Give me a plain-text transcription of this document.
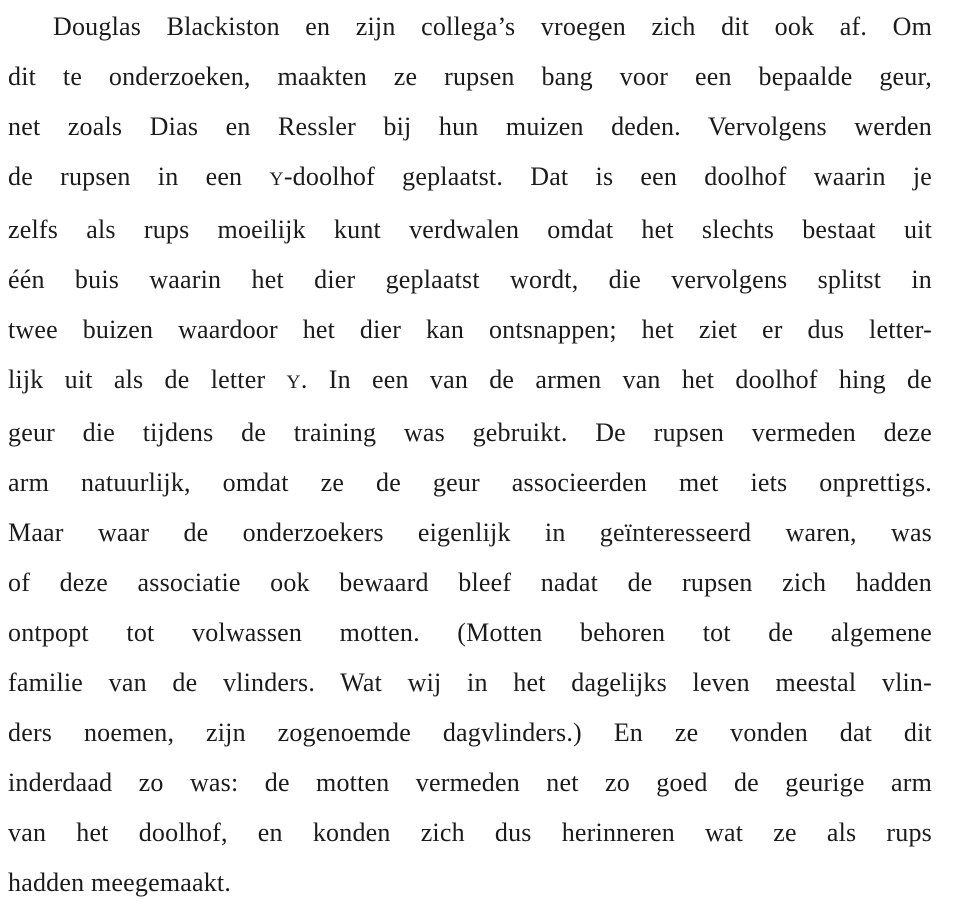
Douglas Blackiston en zijn collega’s vroegen zich dit ook af. Om
dit te onderzoeken, maakten ze rupsen bang voor een bepaalde geur,
net zoals Dias en Ressler bij hun muizen deden. Vervolgens werden
de rupsen in een Y-doolhof geplaatst. Dat is een doolhof waarin je
zelfs als rups moeilijk kunt verdwalen omdat het slechts bestaat uit
één buis waarin het dier geplaatst wordt, die vervolgens splitst in
twee buizen waardoor het dier kan ontsnappen; het ziet er dus letter-
lijk uit als de letter Y. In een van de armen van het doolhof hing de
geur die tijdens de training was gebruikt. De rupsen vermeden deze
arm natuurlijk, omdat ze de geur associeerden met iets onprettigs.
Maar waar de onderzoekers eigenlijk in geïnteresseerd waren, was
of deze associatie ook bewaard bleef nadat de rupsen zich hadden
ontpopt tot volwassen motten. (Motten behoren tot de algemene
familie van de vlinders. Wat wij in het dagelijks leven meestal vlin-
ders noemen, zijn zogenoemde dagvlinders.) En ze vonden dat dit
inderdaad zo was: de motten vermeden net zo goed de geurige arm
van het doolhof, en konden zich dus herinneren wat ze als rups
hadden meegemaakt.
